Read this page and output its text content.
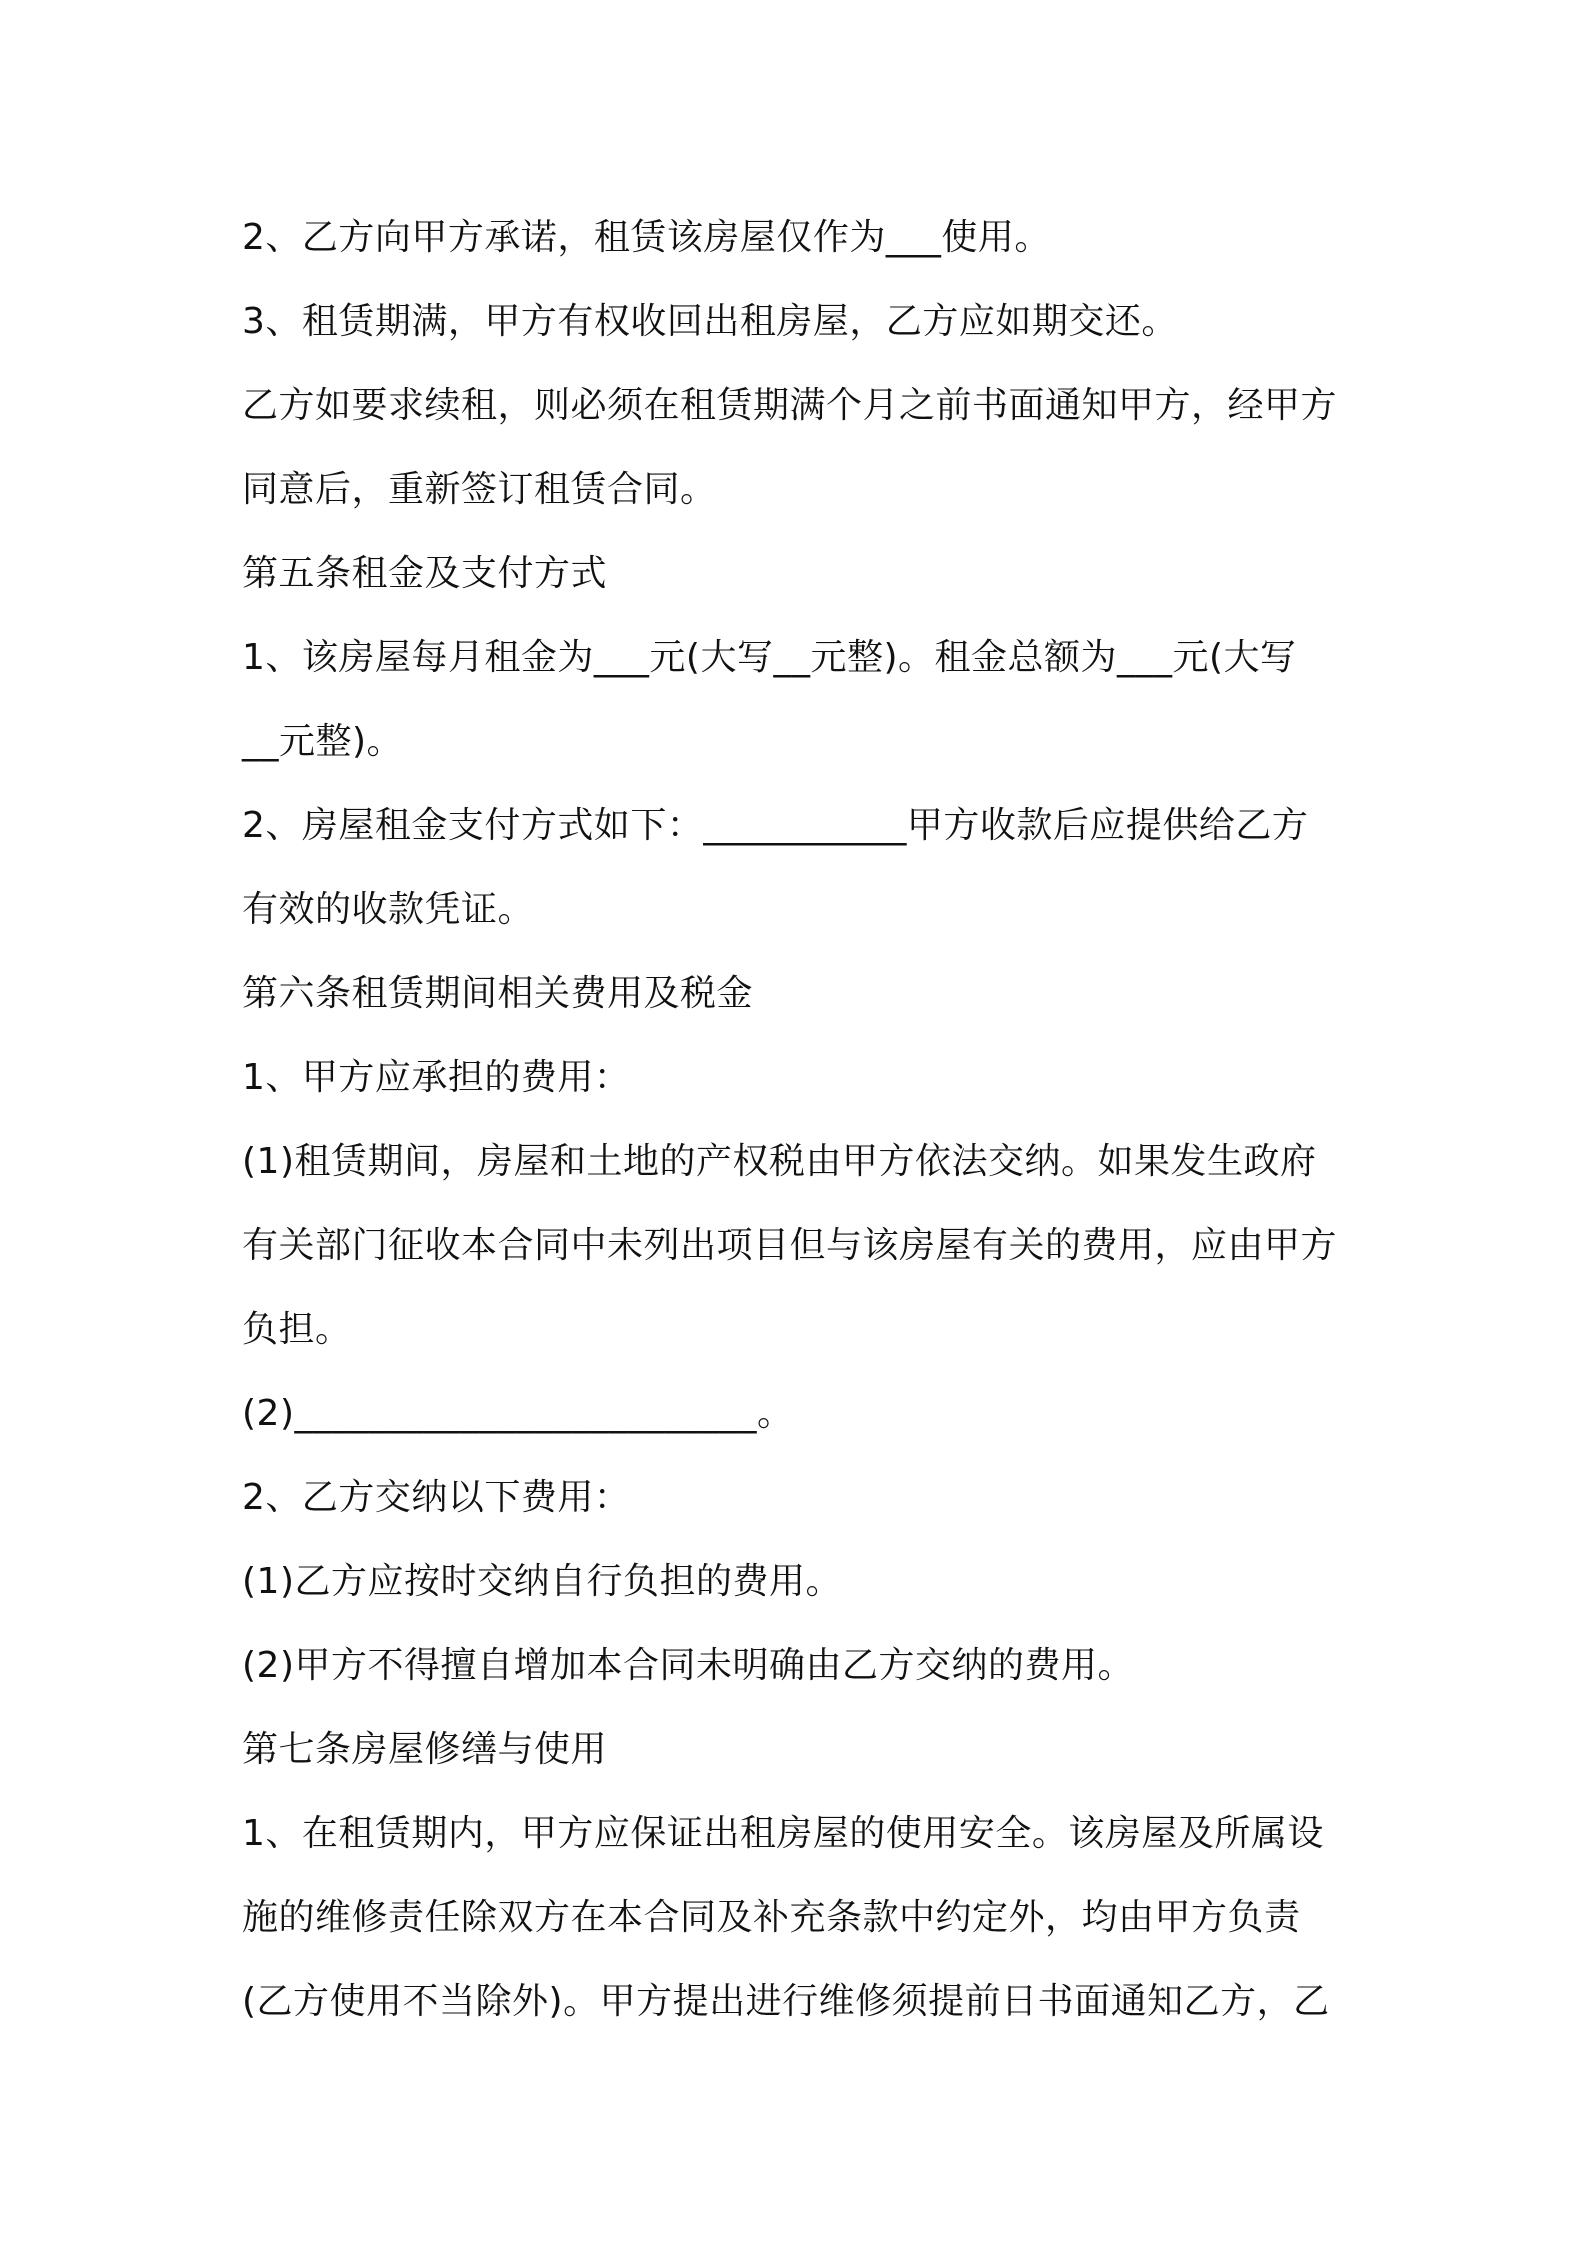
2、乙方向甲方承诺，租赁该房屋仅作为___使用。
3、租赁期满，甲方有权收回出租房屋，乙方应如期交还。
乙方如要求续租，则必须在租赁期满个月之前书面通知甲方，经甲方
同意后，重新签订租赁合同。
第五条租金及支付方式
1、该房屋每月租金为___元(大写__元整)。租金总额为___元(大写
__元整)。
2、房屋租金支付方式如下：___________甲方收款后应提供给乙方
有效的收款凭证。
第六条租赁期间相关费用及税金
1、甲方应承担的费用：
(1)租赁期间，房屋和土地的产权税由甲方依法交纳。如果发生政府
有关部门征收本合同中未列出项目但与该房屋有关的费用，应由甲方
负担。
(2)_________________________。
2、乙方交纳以下费用：
(1)乙方应按时交纳自行负担的费用。
(2)甲方不得擅自增加本合同未明确由乙方交纳的费用。
第七条房屋修缮与使用
1、在租赁期内，甲方应保证出租房屋的使用安全。该房屋及所属设
施的维修责任除双方在本合同及补充条款中约定外，均由甲方负责
(乙方使用不当除外)。甲方提出进行维修须提前日书面通知乙方，乙
